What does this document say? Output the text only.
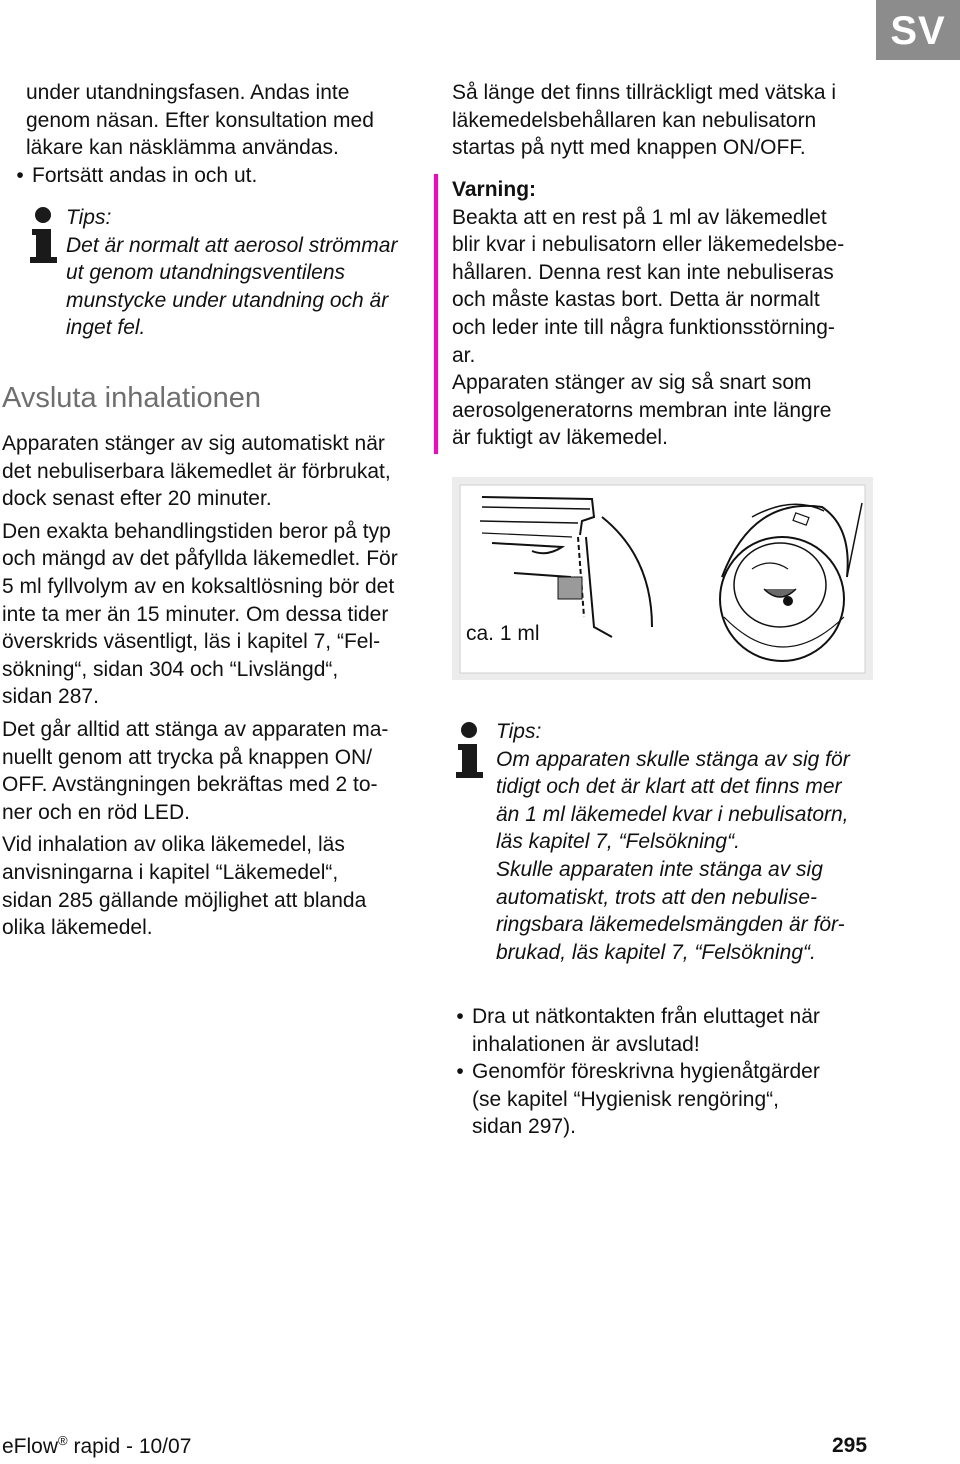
SV

under utandningsfasen. Andas inte

genom näsan. Efter konsultation med

läkare kan näsklämma användas.

• Fortsätt andas in och ut.
Tips:
Det är normalt att aerosol strömmar
ut genom utandningsventilens
munstycke under utandning och är
inget fel.
Avsluta inhalationen

Apparaten stänger av sig automatiskt när

det nebuliserbara läkemedlet är förbrukat,

dock senast efter 20 minuter.

Den exakta behandlingstiden beror på typ

och mängd av det påfyllda läkemedlet. För

5 ml fyllvolym av en koksaltlösning bör det

inte ta mer än 15 minuter. Om dessa tider

överskrids väsentligt, läs i kapitel 7, “Fel-

sökning“, sidan 304 och “Livslängd“,

sidan 287.

Det går alltid att stänga av apparaten ma-

nuellt genom att trycka på knappen ON/

OFF. Avstängningen bekräftas med 2 to-

ner och en röd LED.

Vid inhalation av olika läkemedel, läs

anvisningarna i kapitel “Läkemedel“,

sidan 285 gällande möjlighet att blanda

olika läkemedel.

Så länge det finns tillräckligt med vätska i

läkemedelsbehållaren kan nebulisatorn

startas på nytt med knappen ON/OFF.

Varning:

Beakta att en rest på 1 ml av läkemedlet

blir kvar i nebulisatorn eller läkemedelsbe-

hållaren. Denna rest kan inte nebuliseras

och måste kastas bort. Detta är normalt

och leder inte till några funktionsstörning-

ar.

Apparaten stänger av sig så snart som

aerosolgeneratorns membran inte längre

är fuktigt av läkemedel.

ca. 1 ml
Tips:
Om apparaten skulle stänga av sig för
tidigt och det är klart att det finns mer
än 1 ml läkemedel kvar i nebulisatorn,
läs kapitel 7, “Felsökning“.
Skulle apparaten inte stänga av sig
automatiskt, trots att den nebulise-
ringsbara läkemedelsmängden är för-
brukad, läs kapitel 7, “Felsökning“.
• Dra ut nätkontakten från eluttaget när

inhalationen är avslutad!

• Genomför föreskrivna hygienåtgärder

(se kapitel “Hygienisk rengöring“,

sidan 297).

eFlow® rapid - 10/07	295
